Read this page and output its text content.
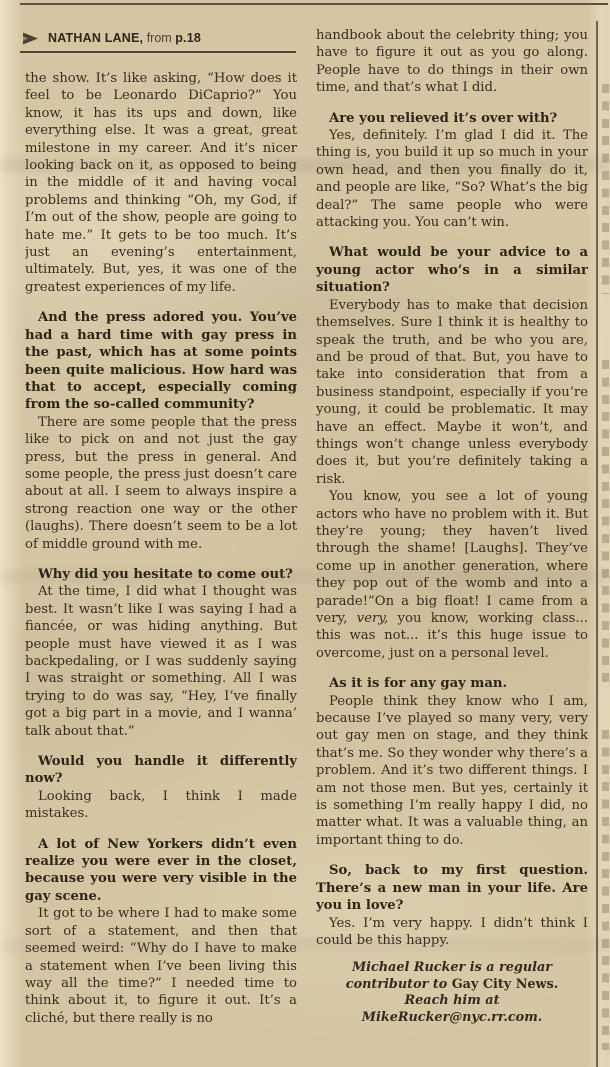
NATHAN LANE, from p.18

the show. It’s like asking, “How does it feel to be Leonardo DiCaprio?” You know, it has its ups and down, like everything else. It was a great, great milestone in my career. And it’s nicer looking back on it, as opposed to being in the middle of it and having vocal problems and thinking “Oh, my God, if I’m out of the show, people are going to hate me.” It gets to be too much. It’s just an evening’s entertainment, ultimately. But, yes, it was one of the greatest experiences of my life.

And the press adored you. You’ve had a hard time with gay press in the past, which has at some points been quite malicious. How hard was that to accept, especially coming from the so-called community?

There are some people that the press like to pick on and not just the gay press, but the press in general. And some people, the press just doesn’t care about at all. I seem to always inspire a strong reaction one way or the other (laughs). There doesn’t seem to be a lot of middle ground with me.

Why did you hesitate to come out?

At the time, I did what I thought was best. It wasn’t like I was saying I had a fiancée, or was hiding anything. But people must have viewed it as I was backpedaling, or I was suddenly saying I was straight or something. All I was trying to do was say, “Hey, I’ve finally got a big part in a movie, and I wanna’ talk about that.”

Would you handle it differently now?

Looking back, I think I made mistakes.

A lot of New Yorkers didn’t even realize you were ever in the closet, because you were very visible in the gay scene.

It got to be where I had to make some sort of a statement, and then that seemed weird: “Why do I have to make a statement when I’ve been living this way all the time?” I needed time to think about it, to figure it out. It’s a cliché, but there really is no

handbook about the celebrity thing; you have to figure it out as you go along. People have to do things in their own time, and that’s what I did.

Are you relieved it’s over with?

Yes, definitely. I’m glad I did it. The thing is, you build it up so much in your own head, and then you finally do it, and people are like, “So? What’s the big deal?” The same people who were attacking you. You can’t win.

What would be your advice to a young actor who’s in a similar situation?

Everybody has to make that decision themselves. Sure I think it is healthy to speak the truth, and be who you are, and be proud of that. But, you have to take into consideration that from a business standpoint, especially if you’re young, it could be problematic. It may have an effect. Maybe it won’t, and things won’t change unless everybody does it, but you’re definitely taking a risk.

You know, you see a lot of young actors who have no problem with it. But they’re young; they haven’t lived through the shame! [Laughs]. They’ve come up in another generation, where they pop out of the womb and into a parade!”On a big float! I came from a very, very, you know, working class... this was not... it’s this huge issue to overcome, just on a personal level.

As it is for any gay man.

People think they know who I am, because I’ve played so many very, very out gay men on stage, and they think that’s me. So they wonder why there’s a problem. And it’s two different things. I am not those men. But yes, certainly it is something I’m really happy I did, no matter what. It was a valuable thing, an important thing to do.

So, back to my first question. There’s a new man in your life. Are you in love?

Yes. I’m very happy. I didn’t think I could be this happy.

Michael Rucker is a regular contributor to Gay City News. Reach him at MikeRucker@nyc.rr.com.
